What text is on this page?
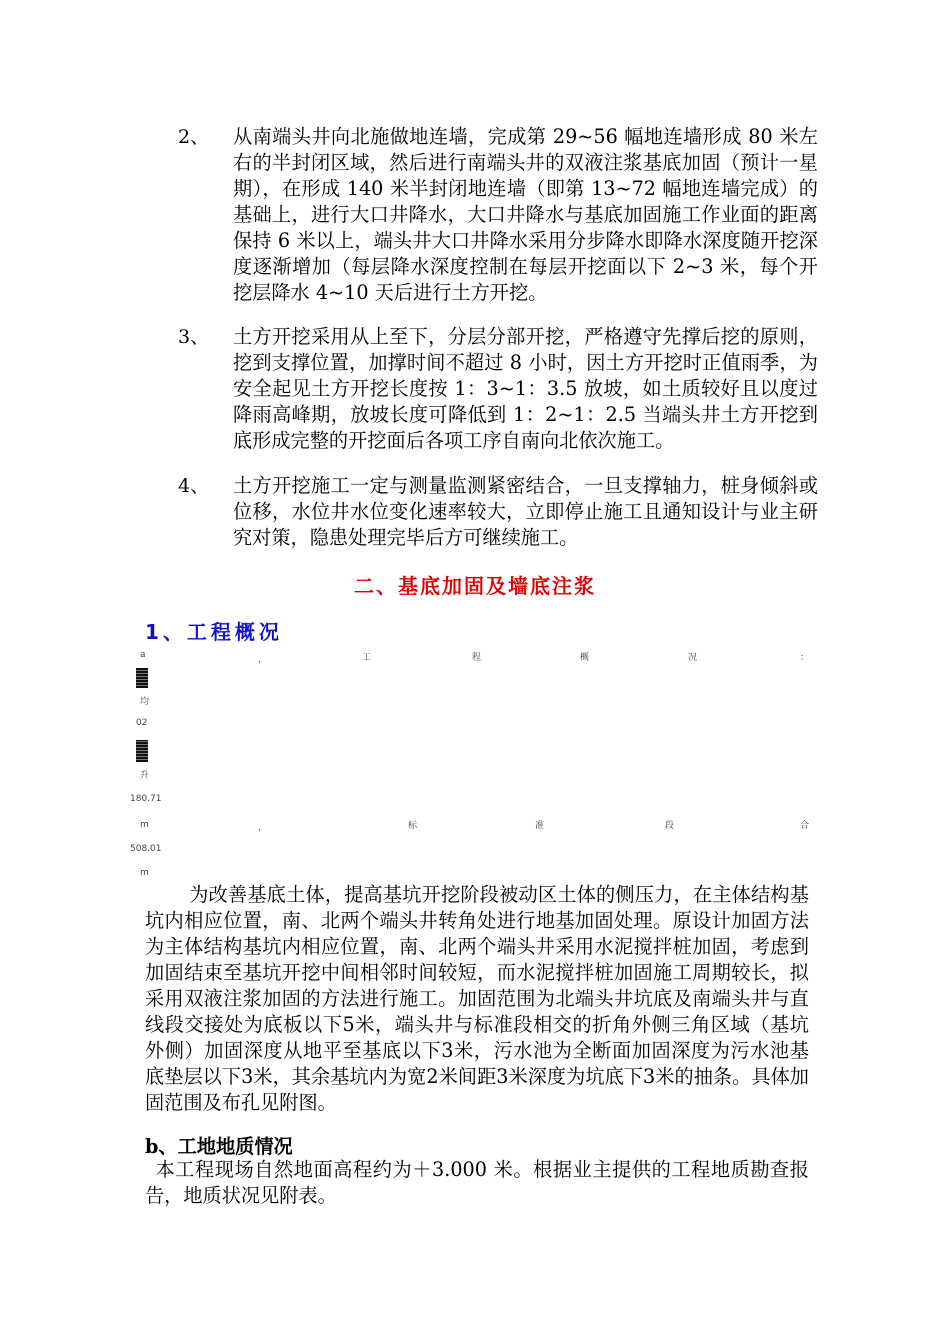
2、 从南端头井向北施做地连墙，完成第 29~56 幅地连墙形成 80 米左右的半封闭区域，然后进行南端头井的双液注浆基底加固（预计一星期），在形成 140 米半封闭地连墙（即第 13~72 幅地连墙完成）的基础上，进行大口井降水，大口井降水与基底加固施工作业面的距离保持 6 米以上，端头井大口井降水采用分步降水即降水深度随开挖深度逐渐增加（每层降水深度控制在每层开挖面以下 2~3 米，每个开挖层降水 4~10 天后进行土方开挖。
3、 土方开挖采用从上至下，分层分部开挖，严格遵守先撑后挖的原则，挖到支撑位置，加撑时间不超过 8 小时，因土方开挖时正值雨季，为安全起见土方开挖长度按 1：3~1：3.5 放坡，如土质较好且以度过降雨高峰期，放坡长度可降低到 1：2~1：2.5 当端头井土方开挖到底形成完整的开挖面后各项工序自南向北依次施工。
4、 土方开挖施工一定与测量监测紧密结合，一旦支撑轴力，桩身倾斜或位移，水位井水位变化速率较大，立即停止施工且通知设计与业主研究对策，隐患处理完毕后方可继续施工。
二、基底加固及墙底注浆
1、工程概况
a	，	工	程	概	况	：
均
02
升
180.71
m
508.01
m
，	标	准	段	合
为改善基底土体，提高基坑开挖阶段被动区土体的侧压力，在主体结构基坑内相应位置，南、北两个端头井转角处进行地基加固处理。原设计加固方法为主体结构基坑内相应位置，南、北两个端头井采用水泥搅拌桩加固，考虑到加固结束至基坑开挖中间相邻时间较短，而水泥搅拌桩加固施工周期较长，拟采用双液注浆加固的方法进行施工。加固范围为北端头井坑底及南端头井与直线段交接处为底板以下5米，端头井与标准段相交的折角外侧三角区域（基坑外侧）加固深度从地平至基底以下3米，污水池为全断面加固深度为污水池基底垫层以下3米，其余基坑内为宽2米间距3米深度为坑底下3米的抽条。具体加固范围及布孔见附图。
b、工地地质情况
本工程现场自然地面高程约为＋3.000 米。根据业主提供的工程地质勘查报告，地质状况见附表。
